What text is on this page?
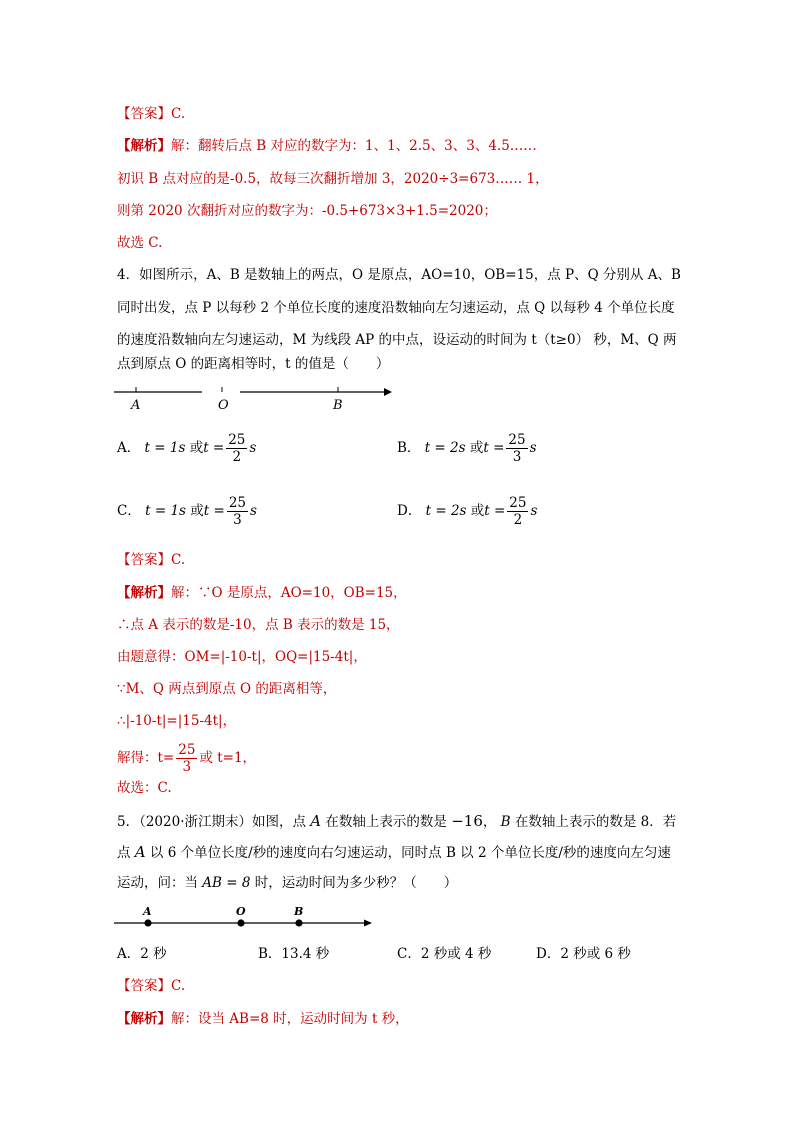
【答案】C.
【解析】解：翻转后点 B 对应的数字为：1、1、2.5、3、3、4.5……
初识 B 点对应的是-0.5，故每三次翻折增加 3，2020÷3=673…… 1，
则第 2020 次翻折对应的数字为：-0.5+673×3+1.5=2020；
故选 C.
4．如图所示，A、B 是数轴上的两点，O 是原点，AO=10，OB=15，点 P、Q 分别从 A、B
同时出发，点 P 以每秒 2 个单位长度的速度沿数轴向左匀速运动，点 Q 以每秒 4 个单位长度
的速度沿数轴向左匀速运动，M 为线段 AP 的中点，设运动的时间为 t（t≥0） 秒，M、Q 两
点到原点 O 的距离相等时，t 的值是（　　）
A	O	B
A． t = 1s 或$t = \frac{25}{2}$ s	B． t = 2s 或$t = \frac{25}{3}$ s
C． t = 1s 或$t = \frac{25}{3}$ s	D． t = 2s 或$t = \frac{25}{2}$ s
【答案】C.
【解析】解：∵O 是原点，AO=10，OB=15，
∴点 A 表示的数是-10，点 B 表示的数是 15，
由题意得：OM=|-10-t|，OQ=|15-4t|，
∵M、Q 两点到原点 O 的距离相等，
∴|-10-t|=|15-4t|，
解得：$t= \frac{25}{3}$ 或 t=1，
故选：C.
5．（2020·浙江期末）如图，点 A 在数轴上表示的数是 −16， B 在数轴上表示的数是 8．若
点 A 以 6 个单位长度/秒的速度向右匀速运动，同时点 B 以 2 个单位长度/秒的速度向左匀速
运动，问：当 AB = 8 时，运动时间为多少秒？（　　）
A	O	B
A．2 秒	B．13.4 秒	C．2 秒或 4 秒	D．2 秒或 6 秒
【答案】C.
【解析】解：设当 AB=8 时，运动时间为 t 秒，
